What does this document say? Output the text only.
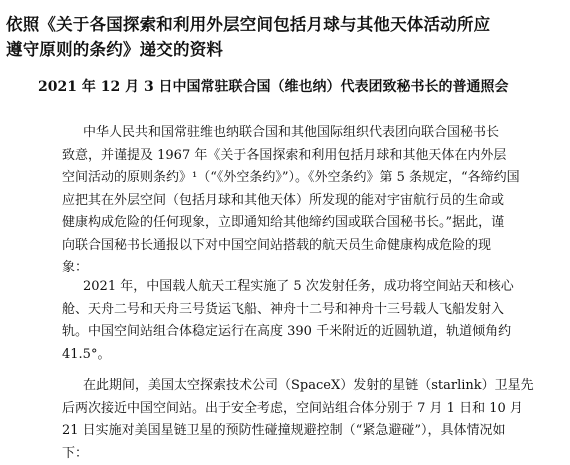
依照《关于各国探索和利用外层空间包括月球与其他天体活动所应
遵守原则的条约》递交的资料
2021 年 12 月 3 日中国常驻联合国（维也纳）代表团致秘书长的普通照会

中华人民共和国常驻维也纳联合国和其他国际组织代表团向联合国秘书长
致意，并谨提及 1967 年《关于各国探索和利用包括月球和其他天体在内外层
空间活动的原则条约》¹（“《外空条约》”）。《外空条约》第 5 条规定，“各缔约国
应把其在外层空间（包括月球和其他天体）所发现的能对宇宙航行员的生命或
健康构成危险的任何现象，立即通知给其他缔约国或联合国秘书长。”据此，谨
向联合国秘书长通报以下对中国空间站搭载的航天员生命健康构成危险的现
象：

2021 年，中国载人航天工程实施了 5 次发射任务，成功将空间站天和核心
舱、天舟二号和天舟三号货运飞船、神舟十二号和神舟十三号载人飞船发射入
轨。中国空间站组合体稳定运行在高度 390 千米附近的近圆轨道，轨道倾角约
41.5°。

在此期间，美国太空探索技术公司（SpaceX）发射的星链（starlink）卫星先
后两次接近中国空间站。出于安全考虑，空间站组合体分别于 7 月 1 日和 10 月
21 日实施对美国星链卫星的预防性碰撞规避控制（“紧急避碰”），具体情况如
下：
